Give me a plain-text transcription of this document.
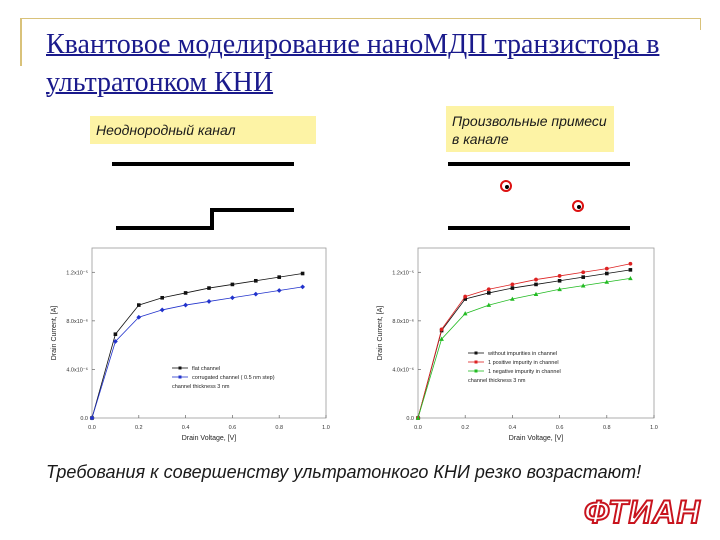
Квантовое моделирование наноМДП транзистора в ультратонком КНИ
Неоднородный канал
Произвольные примеси в канале
0.0	0.2	0.4	0.6	0.8	1.0
0.0
4.0x10⁻⁶
8.0x10⁻⁶
1.2x10⁻⁵
Drain Voltage, [V]
Drain Current, [A]
flat channel
corrugated channel ( 0.5 nm step)
channel thickness 3 nm
0.0	0.2	0.4	0.6	0.8	1.0
0.0
4.0x10⁻⁶
8.0x10⁻⁶
1.2x10⁻⁵
Drain Voltage, [V]
Drain Current, [A]	without impurities in channel
1 positive impurity in channel
1 negative impurity in channel
channel thickness 3 nm
Требования к совершенству ультратонкого КНИ резко возрастают!
ФТИАН
